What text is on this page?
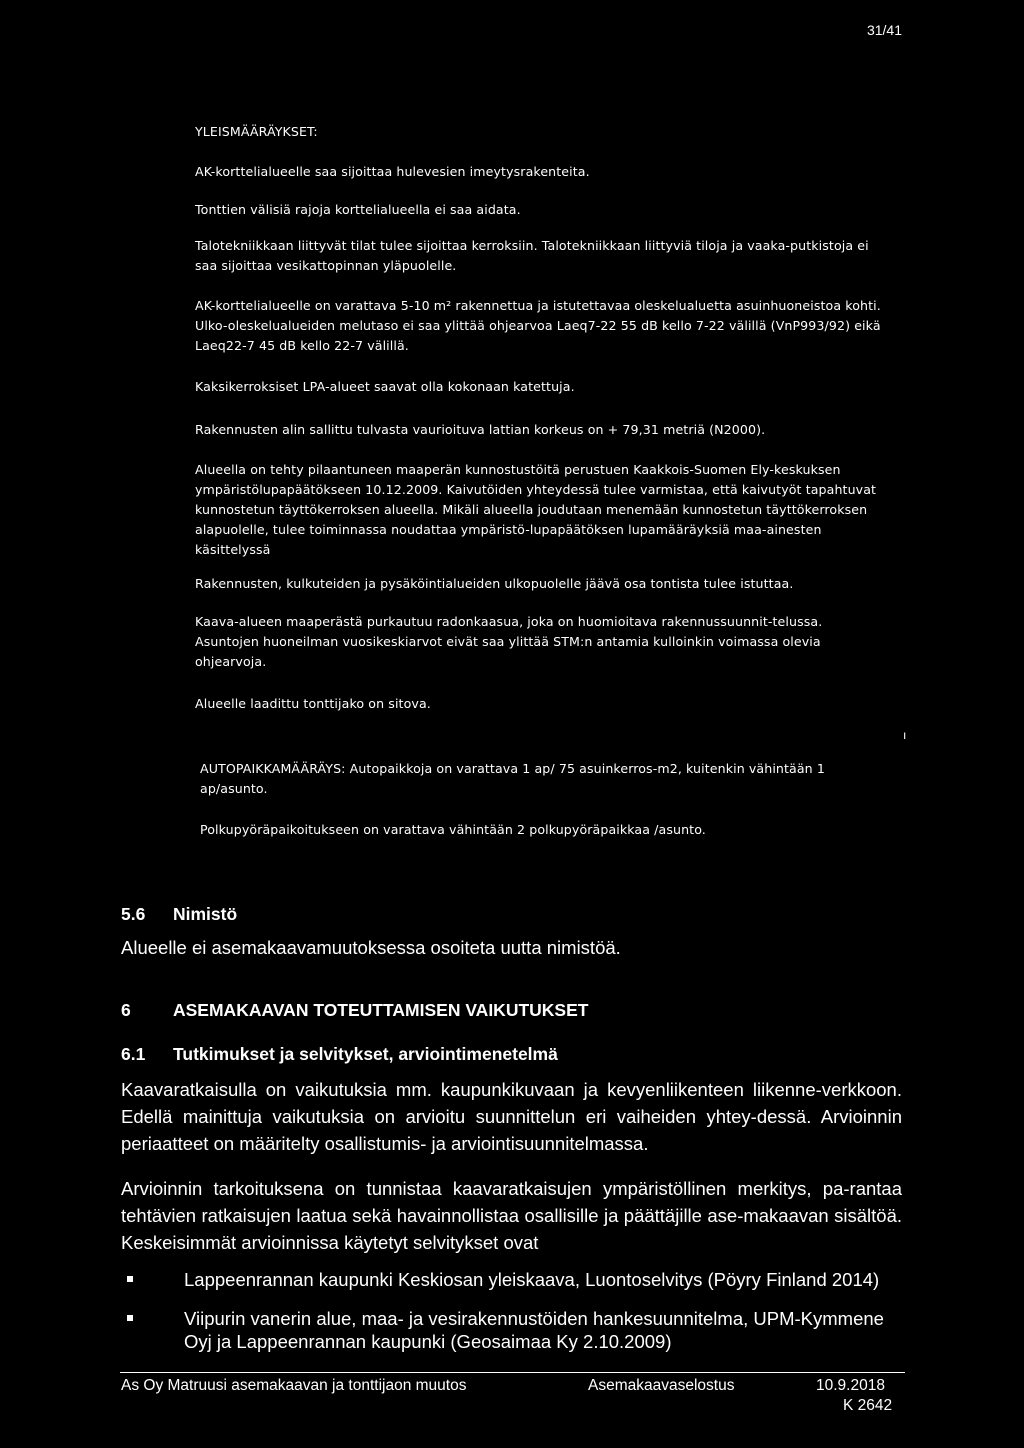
31/41

YLEISMÄÄRÄYKSET:

AK-korttelialueelle saa sijoittaa hulevesien imeytysrakenteita.

Tonttien välisiä rajoja korttelialueella ei saa aidata.

Talotekniikkaan liittyvät tilat tulee sijoittaa kerroksiin. Talotekniikkaan liittyviä tiloja ja vaaka-putkistoja ei saa sijoittaa vesikattopinnan yläpuolelle.

AK-korttelialueelle on varattava 5-10 m² rakennettua ja istutettavaa oleskelualuetta asuinhuoneistoa kohti. Ulko-oleskelualueiden melutaso ei saa ylittää ohjearvoa Laeq7-22 55 dB kello 7-22 välillä (VnP993/92) eikä Laeq22-7 45 dB kello 22-7 välillä.

Kaksikerroksiset LPA-alueet saavat olla kokonaan katettuja.

Rakennusten alin sallittu tulvasta vaurioituva lattian korkeus on + 79,31 metriä (N2000).

Alueella on tehty pilaantuneen maaperän kunnostustöitä perustuen Kaakkois-Suomen Ely-keskuksen ympäristölupapäätökseen 10.12.2009. Kaivutöiden yhteydessä tulee varmistaa, että kaivutyöt tapahtuvat kunnostetun täyttökerroksen alueella. Mikäli alueella joudutaan menemään kunnostetun täyttökerroksen alapuolelle, tulee toiminnassa noudattaa ympäristö-lupapäätöksen lupamääräyksiä maa-ainesten käsittelyssä

Rakennusten, kulkuteiden ja pysäköintialueiden ulkopuolelle jäävä osa tontista tulee istuttaa.

Kaava-alueen maaperästä purkautuu radonkaasua, joka on huomioitava rakennussuunnit-telussa. Asuntojen huoneilman vuosikeskiarvot eivät saa ylittää STM:n antamia kulloinkin voimassa olevia ohjearvoja.

Alueelle laadittu tonttijako on sitova.

ı

AUTOPAIKKAMÄÄRÄYS: Autopaikkoja on varattava 1 ap/ 75 asuinkerros-m2, kuitenkin vähintään 1 ap/asunto.

Polkupyöräpaikoitukseen on varattava vähintään 2 polkupyöräpaikkaa /asunto.

5.6 Nimistö

Alueelle ei asemakaavamuutoksessa osoiteta uutta nimistöä.

6 ASEMAKAAVAN TOTEUTTAMISEN VAIKUTUKSET
6.1 Tutkimukset ja selvitykset, arviointimenetelmä

Kaavaratkaisulla on vaikutuksia mm. kaupunkikuvaan ja kevyenliikenteen liikenne-verkkoon. Edellä mainittuja vaikutuksia on arvioitu suunnittelun eri vaiheiden yhtey-dessä. Arvioinnin periaatteet on määritelty osallistumis- ja arviointisuunnitelmassa.

Arvioinnin tarkoituksena on tunnistaa kaavaratkaisujen ympäristöllinen merkitys, pa-rantaa tehtävien ratkaisujen laatua sekä havainnollistaa osallisille ja päättäjille ase-makaavan sisältöä. Keskeisimmät arvioinnissa käytetyt selvitykset ovat

Lappeenrannan kaupunki Keskiosan yleiskaava, Luontoselvitys (Pöyry Finland 2014)
Viipurin vanerin alue, maa- ja vesirakennustöiden hankesuunnitelma, UPM-Kymmene Oyj ja Lappeenrannan kaupunki (Geosaimaa Ky 2.10.2009)
As Oy Matruusi asemakaavan ja tonttijaon muutos	Asemakaavaselostus	10.9.2018
K 2642
